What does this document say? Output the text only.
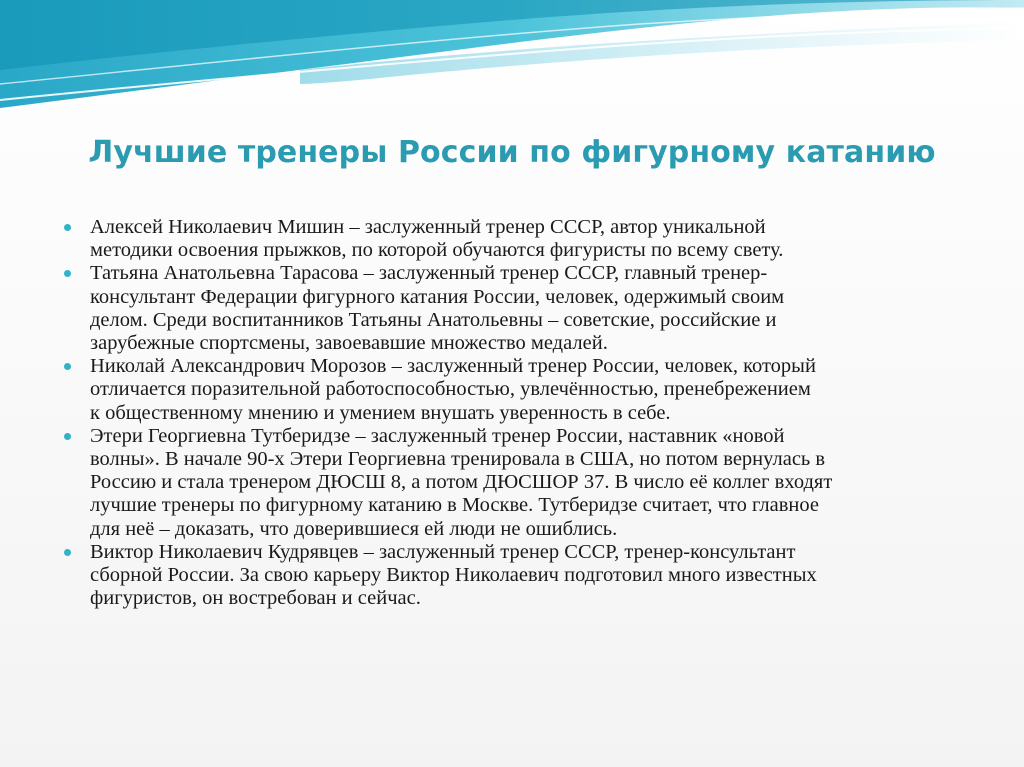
Лучшие тренеры России по фигурному катанию
Алексей Николаевич Мишин – заслуженный тренер СССР, автор уникальной
методики освоения прыжков, по которой обучаются фигуристы по всему свету.
Татьяна Анатольевна Тарасова – заслуженный тренер СССР, главный тренер-
консультант Федерации фигурного катания России, человек, одержимый своим
делом. Среди воспитанников Татьяны Анатольевны – советские, российские и
зарубежные спортсмены, завоевавшие множество медалей.
Николай Александрович Морозов – заслуженный тренер России, человек, который
отличается поразительной работоспособностью, увлечённостью, пренебрежением
к общественному мнению и умением внушать уверенность в себе.
Этери Георгиевна Тутберидзе – заслуженный тренер России, наставник «новой
волны». В начале 90-х Этери Георгиевна тренировала в США, но потом вернулась в
Россию и стала тренером ДЮСШ 8, а потом ДЮСШОР 37. В число её коллег входят
лучшие тренеры по фигурному катанию в Москве. Тутберидзе считает, что главное
для неё – доказать, что доверившиеся ей люди не ошиблись.
Виктор Николаевич Кудрявцев – заслуженный тренер СССР, тренер-консультант
сборной России. За свою карьеру Виктор Николаевич подготовил много известных
фигуристов, он востребован и сейчас.
